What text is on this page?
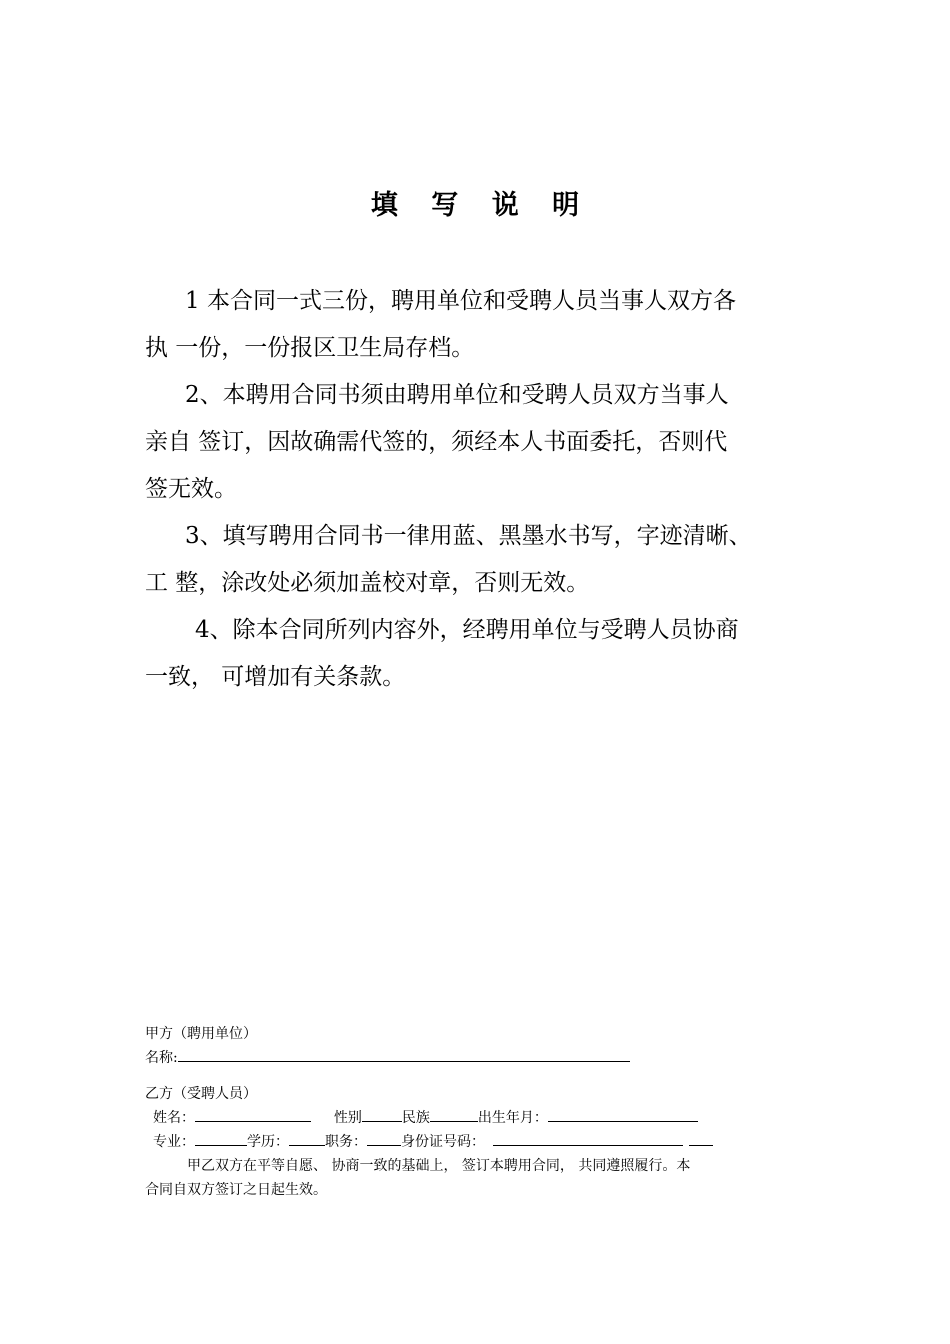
填 写 说 明

1 本合同一式三份，聘用单位和受聘人员当事人双方各
执 一份，一份报区卫生局存档。

2、本聘用合同书须由聘用单位和受聘人员双方当事人
亲自 签订，因故确需代签的，须经本人书面委托，否则代
签无效。

3、填写聘用合同书一律用蓝、黑墨水书写，字迹清晰、
工 整，涂改处必须加盖校对章，否则无效。

4、除本合同所列内容外，经聘用单位与受聘人员协商
一致， 可增加有关条款。

甲方（聘用单位）
名称:
乙方（受聘人员）
姓名：	性别	民族	出生年月：
专业：	学历：	职务： 身份证号码：
甲乙双方在平等自愿、 协商一致的基础上， 签订本聘用合同， 共同遵照履行。本
合同自双方签订之日起生效。
